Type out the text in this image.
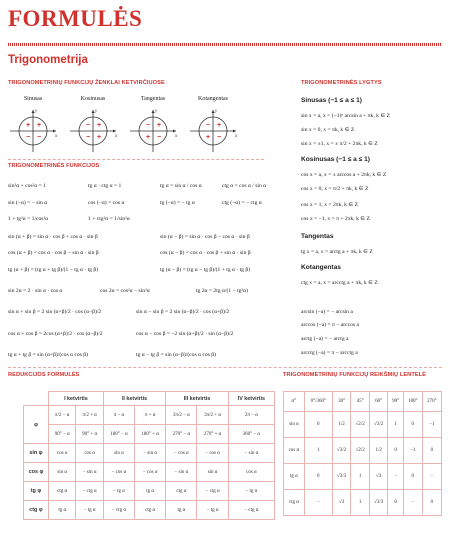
FORMULĖS
Trigonometrija
TRIGONOMETRINIŲ FUNKCIJŲ ŽENKLAI KETVIRČIUOSE
Sinusas
x
y
+ +
− −
Kosinusas
x
y
− +
− +
Tangentas
x
y
− +
+ −
Kotangentas
x
y
− +
+ −
TRIGONOMETRINĖS FUNKCIJOS
sin²α + cos²α = 1	tg α · ctg α = 1	tg α = sin α / cos α	ctg α = cos α / sin α
sin (−α) = − sin α	cos (−α) = cos α	tg (−α) = − tg α	ctg (−α) = − ctg α
1 + tg²α = 1/cos²α	1 + ctg²α = 1/sin²α
sin (α + β) = sin α · cos β + cos α · sin β	sin (α − β) = sin α · cos β − cos α · sin β
cos (α + β) = cos α · cos β − sin α · sin β	cos (α − β) = cos α · cos β + sin α · sin β
tg (α + β) = (tg α + tg β)/(1 − tg α · tg β)	tg (α − β) = (tg α − tg β)/(1 + tg α · tg β)
sin 2α = 2 · sin α · cos α	cos 2α = cos²α − sin²α	tg 2α = 2tg α/(1 − tg²α)
sin α + sin β = 2 sin (α+β)/2 · cos (α−β)/2	sin α − sin β = 2 sin (α−β)/2 · cos (α+β)/2
cos α + cos β = 2cos (α+β)/2 · cos (α−β)/2	cos α − cos β = −2 sin (α+β)/2 · sin (α−β)/2
tg α + tg β = sin (α+β)/(cos α cos β)	tg α − tg β = sin (α−β)/(cos α cos β)
TRIGONOMETRINĖS LYGTYS
Sinusas (−1 ≤ a ≤ 1)
sin x = a, x = (−1)ⁿ arcsin a + πk, k ∈ Z
sin x = 0, x = πk, k ∈ Z
sin x = ±1, x = ± π/2 + 2πk, k ∈ Z
Kosinusas (−1 ≤ a ≤ 1)
cos x = a, x = ± arccos a + 2πk, k ∈ Z
cos x = 0, x = π/2 + πk, k ∈ Z
cos x = 1, x = 2πk, k ∈ Z
cos x = −1, x = π + 2πk, k ∈ Z
Tangentas
tg x = a, x = arctg a + πk, k ∈ Z
Kotangentas
ctg x = a, x = arcctg a + πk, k ∈ Z
arcsin (−a) = − arcsin a
arccos (−a) = π − arccos a
arctg (−a) = − arctg a
arcctg (−a) = π − arcctg a
REDUKCIJOS FORMULĖS
	I ketvirtis		II ketvirtis		III ketvirtis		IV ketvirtis
φ	π/2 − α	π/2 + α	π − α	π + α	3π/2 − α	3π/2 + α	2π − α
	90° − α	90° + α	180° − α	180° + α	270° − α	270° + α	360° − α
sin φ	cos α	cos α	sin α	− sin α	− cos α	− cos α	− sin α
cos φ	sin α	− sin α	− cos α	− cos α	− sin α	sin α	cos α
tg φ	ctg α	− ctg α	− tg α	tg α	ctg α	− ctg α	− tg α
ctg φ	tg α	− tg α	− ctg α	ctg α	tg α	− tg α	− ctg α
TRIGONOMETRINIŲ FUNKCIJŲ REIKŠMIŲ LENTELĖ
α°	0°/360°	30°	45°	60°	90°	180°	270°
sin α	0	1/2	√2/2	√3/2	1	0	−1
cos α	1	√3/2	√2/2	1/2	0	−1	0
tg α	0	√3/3	1	√3	−	0	−
ctg α	−	√3	1	√3/3	0	−	0
